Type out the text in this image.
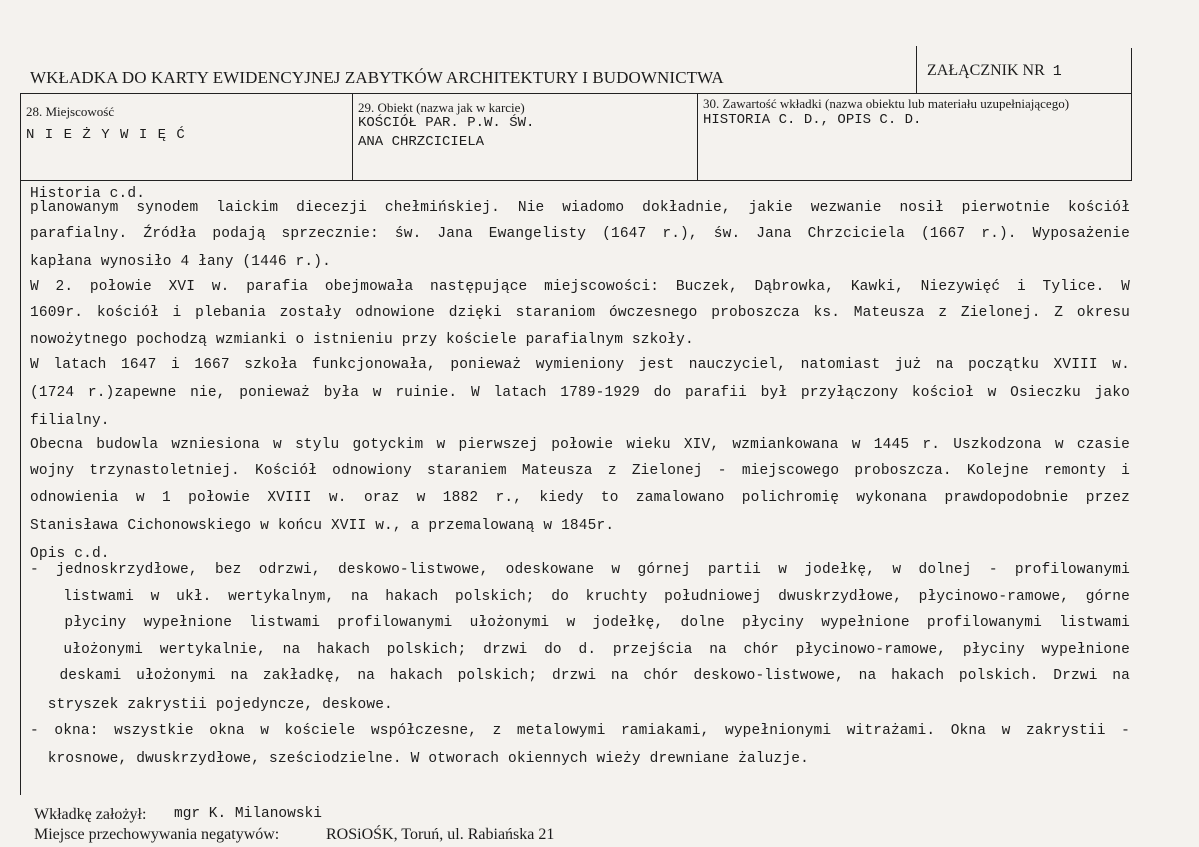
WKŁADKA DO KARTY EWIDENCYJNEJ ZABYTKÓW ARCHITEKTURY I BUDOWNICTWA	ZAŁĄCZNIK NR 1
28. Miejscowość
N I E Ż Y W I Ę Ć
29. Obiekt (nazwa jak w karcie)
KOŚCIÓŁ PAR. P.W. ŚW.
ANA CHRZCICIELA
30. Zawartość wkładki (nazwa obiektu lub materiału uzupełniającego)
HISTORIA C. D., OPIS C. D.
Historia c.d.
planowanym synodem laickim diecezji chełmińskiej. Nie wiadomo dokładnie, jakie wezwanie nosił pierwotnie kościół
parafialny. Źródła podają sprzecznie: św. Jana Ewangelisty (1647 r.), św. Jana Chrzciciela (1667 r.). Wyposażenie
kapłana wynosiło 4 łany (1446 r.).
W 2. połowie XVI w. parafia obejmowała następujące miejscowości: Buczek, Dąbrowka, Kawki, Niezywięć i Tylice. W
1609r. kościół i plebania zostały odnowione dzięki staraniom ówczesnego proboszcza ks. Mateusza z Zielonej. Z okresu
nowożytnego pochodzą wzmianki o istnieniu przy kościele parafialnym szkoły.
W latach 1647 i 1667 szkoła funkcjonowała, ponieważ wymieniony jest nauczyciel, natomiast już na początku XVIII w.
(1724 r.)zapewne nie, ponieważ była w ruinie. W latach 1789-1929 do parafii był przyłączony kościoł w Osieczku jako
filialny.
Obecna budowla wzniesiona w stylu gotyckim w pierwszej połowie wieku XIV, wzmiankowana w 1445 r. Uszkodzona w czasie
wojny trzynastoletniej. Kościół odnowiony staraniem Mateusza z Zielonej - miejscowego proboszcza. Kolejne remonty i
odnowienia w 1 połowie XVIII w. oraz w 1882 r., kiedy to zamalowano polichromię wykonana prawdopodobnie przez
Stanisława Cichonowskiego w końcu XVII w., a przemalowaną w 1845r.
Opis c.d.
- jednoskrzydłowe, bez odrzwi, deskowo-listwowe, odeskowane w górnej partii w jodełkę, w dolnej - profilowanymi
listwami w ukł. wertykalnym, na hakach polskich; do kruchty południowej dwuskrzydłowe, płycinowo-ramowe, górne
płyciny wypełnione listwami profilowanymi ułożonymi w jodełkę, dolne płyciny wypełnione profilowanymi listwami
ułożonymi wertykalnie, na hakach polskich; drzwi do d. przejścia na chór płycinowo-ramowe, płyciny wypełnione
deskami ułożonymi na zakładkę, na hakach polskich; drzwi na chór deskowo-listwowe, na hakach polskich. Drzwi na
stryszek zakrystii pojedyncze, deskowe.
- okna: wszystkie okna w kościele współczesne, z metalowymi ramiakami, wypełnionymi witrażami. Okna w zakrystii -
krosnowe, dwuskrzydłowe, sześciodzielne. W otworach okiennych wieży drewniane żaluzje.
Wkładkę założył: mgr K. Milanowski
Miejsce przechowywania negatywów:	ROSiOŚK, Toruń, ul. Rabiańska 21
